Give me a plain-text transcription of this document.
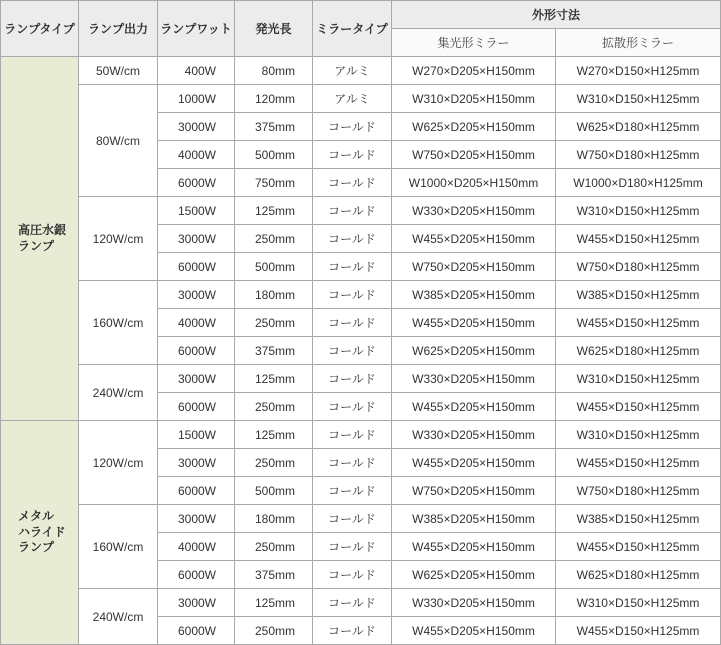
ランプタイプ	ランプ出力	ランプワット	発光長	ミラータイプ
外形寸法
集光形ミラー	拡散形ミラー
高圧水銀
ランプ
50W/cm	400W	80mm	アルミ	W270×D205×H150mm	W270×D150×H125mm
80W/cm
1000W	120mm	アルミ	W310×D205×H150mm	W310×D150×H125mm
3000W	375mm	コールド	W625×D205×H150mm	W625×D180×H125mm
4000W	500mm	コールド	W750×D205×H150mm	W750×D180×H125mm
6000W	750mm	コールド	W1000×D205×H150mm	W1000×D180×H125mm
120W/cm
1500W	125mm	コールド	W330×D205×H150mm	W310×D150×H125mm
3000W	250mm	コールド	W455×D205×H150mm	W455×D150×H125mm
6000W	500mm	コールド	W750×D205×H150mm	W750×D180×H125mm
160W/cm
3000W	180mm	コールド	W385×D205×H150mm	W385×D150×H125mm
4000W	250mm	コールド	W455×D205×H150mm	W455×D150×H125mm
6000W	375mm	コールド	W625×D205×H150mm	W625×D180×H125mm
240W/cm
3000W	125mm	コールド	W330×D205×H150mm	W310×D150×H125mm
6000W	250mm	コールド	W455×D205×H150mm	W455×D150×H125mm
メタル
ハライド
ランプ
120W/cm
1500W	125mm	コールド	W330×D205×H150mm	W310×D150×H125mm
3000W	250mm	コールド	W455×D205×H150mm	W455×D150×H125mm
6000W	500mm	コールド	W750×D205×H150mm	W750×D180×H125mm
160W/cm
3000W	180mm	コールド	W385×D205×H150mm	W385×D150×H125mm
4000W	250mm	コールド	W455×D205×H150mm	W455×D150×H125mm
6000W	375mm	コールド	W625×D205×H150mm	W625×D180×H125mm
240W/cm
3000W	125mm	コールド	W330×D205×H150mm	W310×D150×H125mm
6000W	250mm	コールド	W455×D205×H150mm	W455×D150×H125mm
